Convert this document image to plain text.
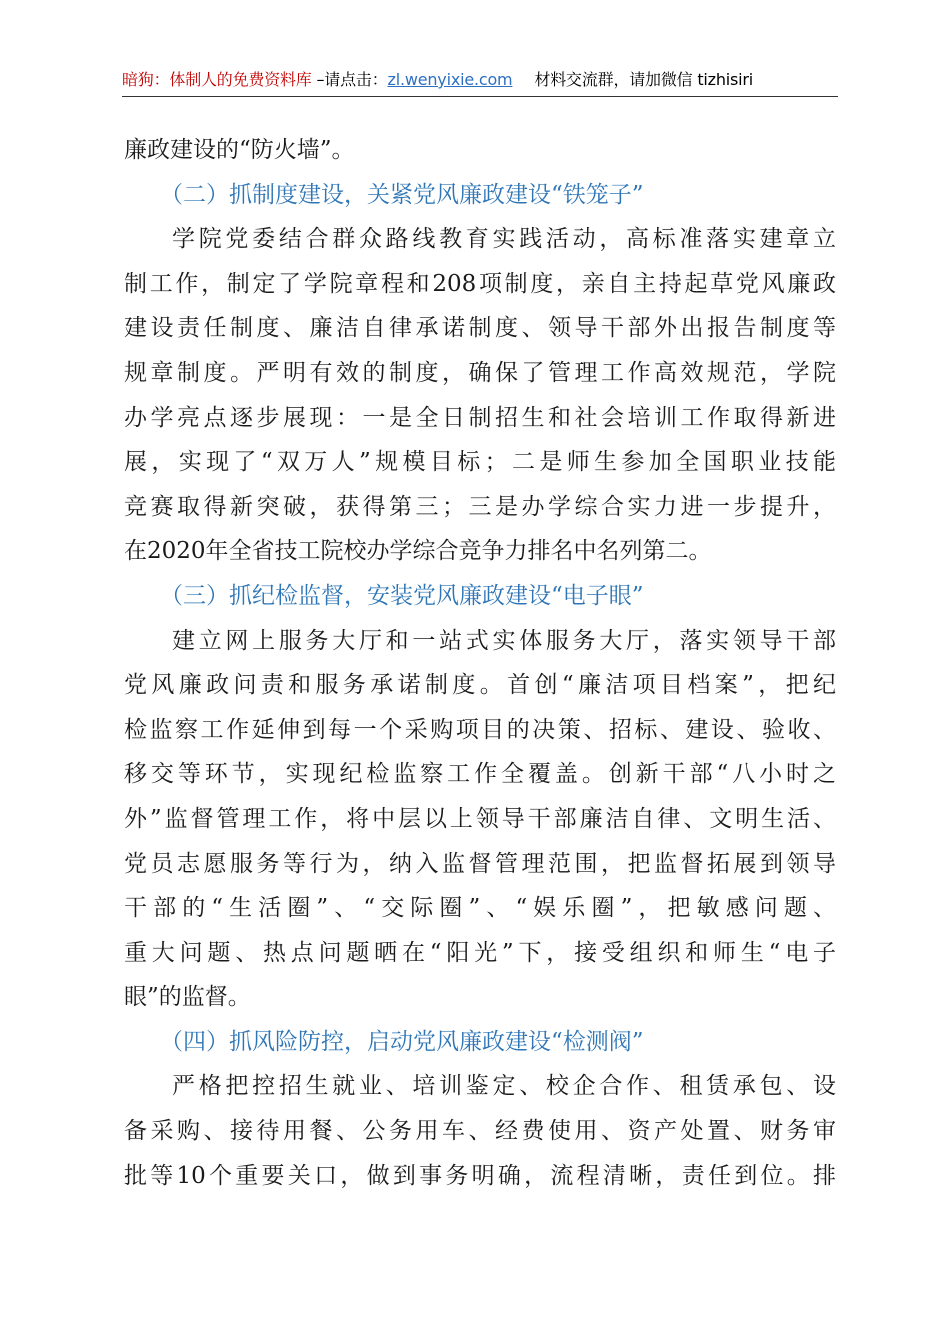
暗狗：体制人的免费资料库 –请点击：zl.wenyixie.com 材料交流群，请加微信 tizhisiri
廉政建设的“防火墙”。
（二）抓制度建设，关紧党风廉政建设“铁笼子”
学院党委结合群众路线教育实践活动，高标准落实建章立
制工作，制定了学院章程和208项制度，亲自主持起草党风廉政
建设责任制度、廉洁自律承诺制度、领导干部外出报告制度等
规章制度。严明有效的制度，确保了管理工作高效规范，学院
办学亮点逐步展现：一是全日制招生和社会培训工作取得新进
展，实现了“双万人”规模目标；二是师生参加全国职业技能
竞赛取得新突破，获得第三；三是办学综合实力进一步提升，
在2020年全省技工院校办学综合竞争力排名中名列第二。
（三）抓纪检监督，安装党风廉政建设“电子眼”
建立网上服务大厅和一站式实体服务大厅，落实领导干部
党风廉政问责和服务承诺制度。首创“廉洁项目档案”，把纪
检监察工作延伸到每一个采购项目的决策、招标、建设、验收、
移交等环节，实现纪检监察工作全覆盖。创新干部“八小时之
外”监督管理工作，将中层以上领导干部廉洁自律、文明生活、
党员志愿服务等行为，纳入监督管理范围，把监督拓展到领导
干部的“生活圈”、“交际圈”、“娱乐圈”，把敏感问题、
重大问题、热点问题晒在“阳光”下，接受组织和师生“电子
眼”的监督。
（四）抓风险防控，启动党风廉政建设“检测阀”
严格把控招生就业、培训鉴定、校企合作、租赁承包、设
备采购、接待用餐、公务用车、经费使用、资产处置、财务审
批等10个重要关口，做到事务明确，流程清晰，责任到位。排
